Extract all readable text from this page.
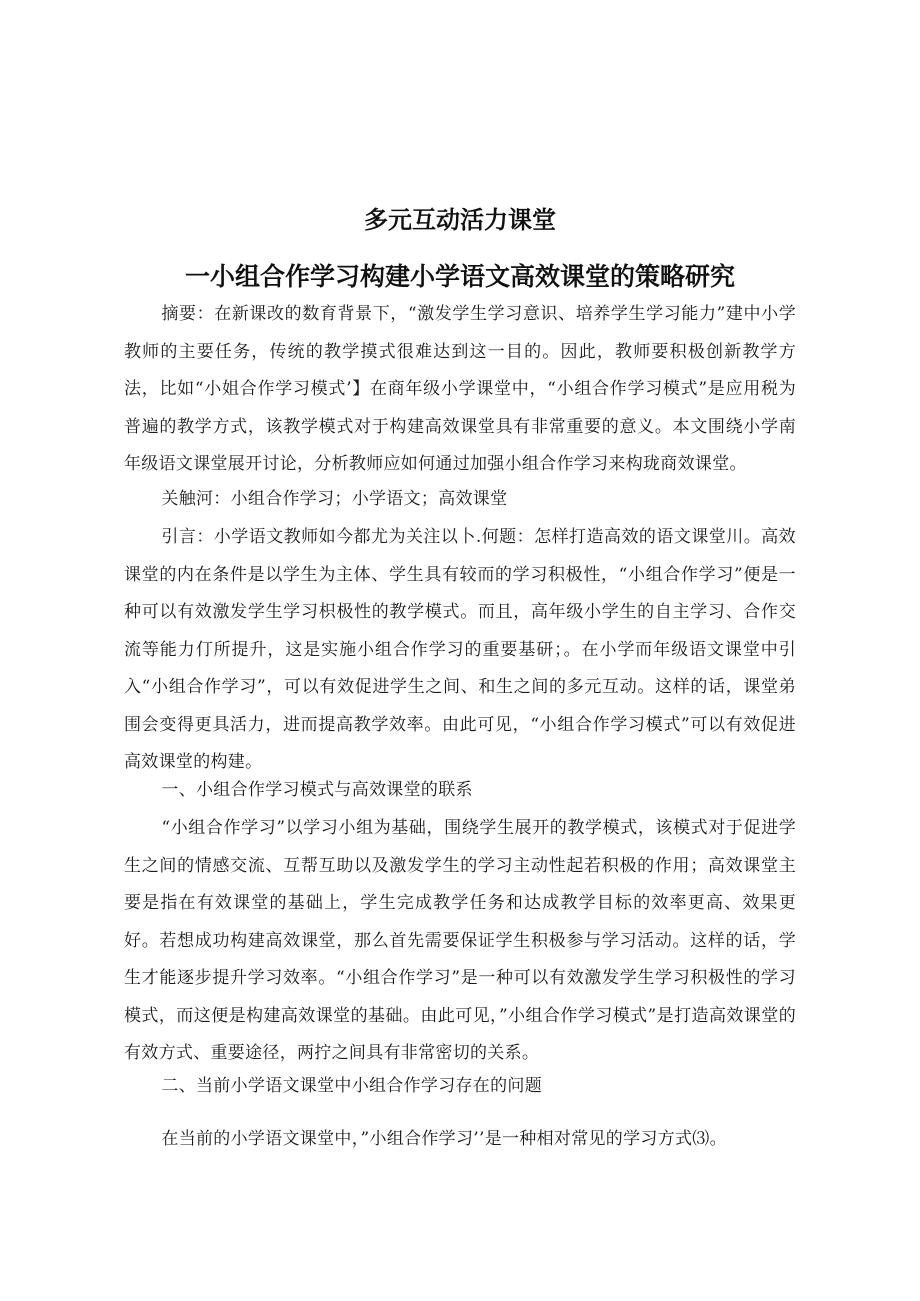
多元互动活力课堂
一小组合作学习构建小学语文高效课堂的策略研究

摘要：在新课改的数育背景下，“激发学生学习意识、培养学生学习能力”建中小学教师的主要任务，传统的教学摸式很难达到这一目的。因此，教师要积极创新教学方法，比如“小姐合作学习模式’】在商年级小学课堂中，“小组合作学习模式”是应用税为普遍的教学方式，该教学模式对于构建高效课堂具有非常重要的意义。本文围绕小学南年级语文课堂展开讨论，分析教师应如何通过加强小组合作学习来构珑商效课堂。

关触河：小组合作学习；小学语文；高效课堂

引言：小学语文教师如今都尤为关注以卜.何题：怎样打造高效的语文课堂川。高效课堂的内在条件是以学生为主体、学生具有较而的学习积极性，“小组合作学习”便是一种可以有效激发学生学习枳极性的教学模式。而且，高年级小学生的自主学习、合作交流等能力仃所提升，这是实施小组合作学习的重要基研；。在小学而年级语文课堂中引入“小组合作学习”，可以有效促进学生之间、和生之间的多元互动。这样的话，课堂弟围会变得更具活力，进而提高教学效率。由此可见，“小组合作学习模式”可以有效促进高效课堂的构建。

一、小组合作学习模式与高效课堂的联系

“小组合作学习”以学习小组为基础，围绕学生展开的教学模式，该模式对于促进学生之间的情感交流、互帮互助以及激发学生的学习主动性起若积极的作用；高效课堂主要是指在有效课堂的基础上，学生完成教学任务和达成教学目标的效率更高、效果更好。若想成功构建高效课堂，那么首先需要保证学生积极参与学习活动。这样的话，学生才能逐步提升学习效率。“小组合作学习”是一种可以有效激发学生学习积极性的学习模式，而这便是构建高效课堂的基础。由此可见，”小组合作学习模式”是打造高效课堂的有效方式、重要途径，两拧之间具有非常密切的关系。

二、当前小学语文课堂中小组合作学习存在的问题

在当前的小学语文课堂中，”小组合作学习’’是一种相对常见的学习方式⑶。
